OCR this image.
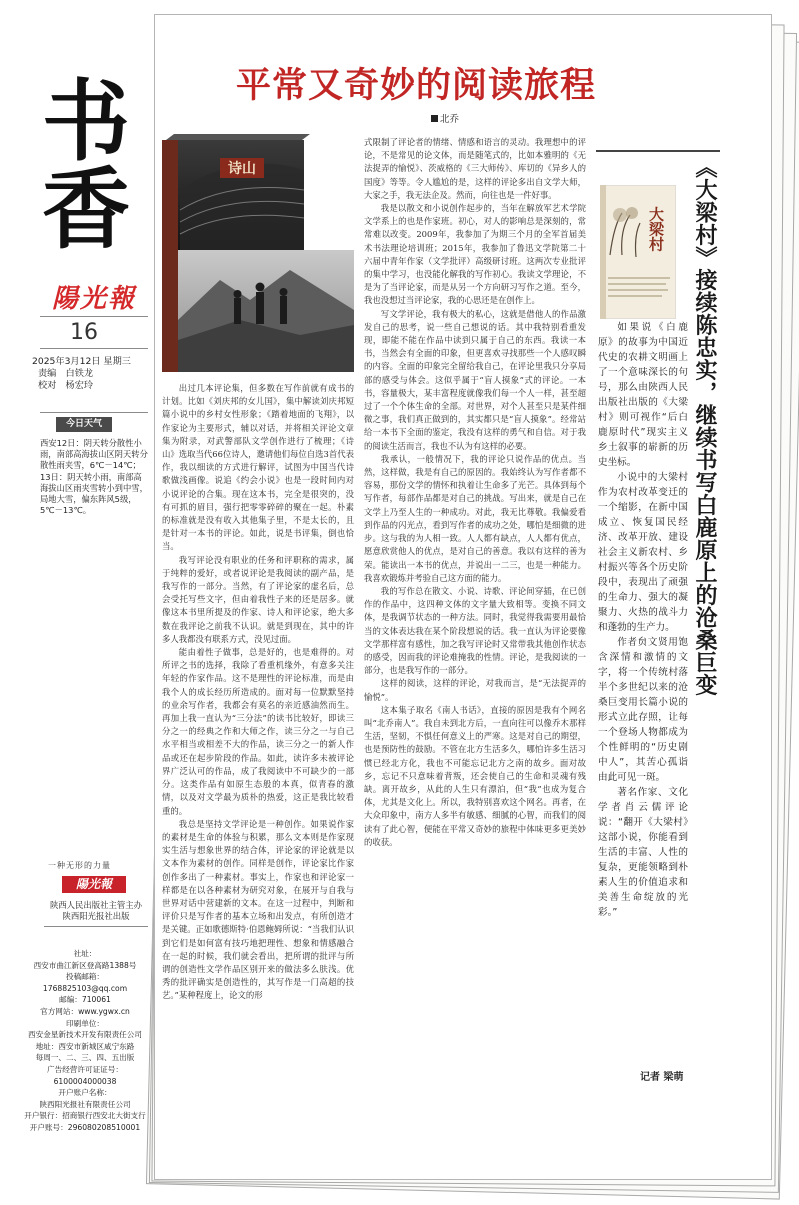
书
香
陽光報
16
2025年3月12日 星期三
责编　白铁龙
校对　杨宏玲
今日天气
西安12日：阴天转分散性小雨，南部高海拔山区阴天转分散性雨夹雪，6℃－14℃；13日：阴天转小雨，南部高海拔山区雨夹雪转小到中雪，局地大雪，偏东阵风5级，5℃－13℃。
一种无形的力量
陽光報
陕西人民出版社主管主办
陕西阳光报社出版
社址：
西安市曲江新区登高路1388号
投稿邮箱：
1768825103@qq.com
邮编：710061
官方网站：www.ygwx.cn
印刷单位：
西安金星新技术开发有限责任公司
地址：西安市新城区咸宁东路
每周一、二、三、四、五出版
广告经营许可证证号：
6100004000038
开户账户名称：
陕西阳光报社有限责任公司
开户银行：招商银行西安北大街支行
开户账号：296080208510001
平常又奇妙的阅读旅程
北乔
诗山

出过几本评论集，但多数在写作前就有成书的计划。比如《刘庆邦的女儿国》，集中解读刘庆邦短篇小说中的乡村女性形象；《踏着地面的飞翔》，以作家论为主要形式，辅以对话，并将相关评论文章集为附录，对武警部队文学创作进行了梳理；《诗山》选取当代66位诗人，邀请他们每位自选3首代表作，我以细读的方式进行解评，试图为中国当代诗歌做浅画像。说追《约会小说》也是一段时间内对小说评论的合集。现在这本书，完全是很突的，没有可抓的眉目，强行把零零碎碎的聚在一起。朴素的标准就是没有收入其他集子里，不是太长的，且是针对一本书的评论。如此，说是书评集，倒也恰当。

我写评论没有职业的任务和评职称的需求，属于纯粹的爱好，或者说评论是我阅读的副产品，是我写作的一部分。当然，有了评论家的虚名后，总会受托写些文字，但由着我性子来的还是居多。就像这本书里所提及的作家、诗人和评论家，绝大多数在我评论之前我不认识。就是到现在，其中的许多人我都没有联系方式，没见过面。

能由着性子做事，总是好的，也是难得的。对所评之书的选择，我除了看重机缘外，有意多关注年轻的作家作品。这不是理性的评论标准，而是由我个人的成长经历所造成的。面对每一位默默坚持的业余写作者，我都会有莫名的亲近感油然而生。再加上我一直认为“三分法”的读书比较好，即读三分之一的经典之作和大师之作，读三分之一与自己水平相当或相差不大的作品，读三分之一的新人作品或还在起步阶段的作品。如此，读许多未被评论界广泛认可的作品，成了我阅读中不可缺少的一部分。这类作品有如原生态般的本真，似青春的激情，以及对文学最为质朴的热爱，这正是我比较看重的。

我总是坚持文学评论是一种创作。如果说作家的素材是生命的体验与积累，那么文本则是作家现实生活与想象世界的结合体，评论家的评论就是以文本作为素材的创作。同样是创作，评论家比作家创作多出了一种素材。事实上，作家也和评论家一样都是在以各种素材为研究对象，在展开与自我与世界对话中营建新的文本。在这一过程中，判断和评价只是写作者的基本立场和出发点，有所创造才是关键。正如歌德斯特·伯恩鲍姆所说：“当我们认识到它们是如何富有技巧地把理性、想象和情感融合在一起的时候，我们就会看出，把所谓的批评与所谓的创造性文学作品区别开来的做法多么肤浅。优秀的批评确实是创造性的，其写作是一门高超的技艺。”某种程度上，论文的形

式限制了评论者的情绪、情感和语言的灵动。我理想中的评论，不是常见的论文体，而是随笔式的，比如本雅明的《无法捉弄的愉悦》、茨威格的《三大师传》、库切的《异乡人的国度》等等。令人尴尬的是，这样的评论多出自文学大师，大家之手，我无法企及。然而，向往也是一件好事。

我是以散文和小说创作起步的，当年在解放军艺术学院文学系上的也是作家班。初心，对人的影响总是深刻的，常常难以改变。2009年，我参加了为期三个月的全军首届美术书法理论培训班；2015年，我参加了鲁迅文学院第二十六届中青年作家（文学批评）高级研讨班。这两次专业批评的集中学习，也没能化解我的写作初心。我读文学理论，不是为了当评论家，而是从另一个方向研习写作之道。至今，我也没想过当评论家，我的心思还是在创作上。

写文学评论，我有极大的私心，这就是借他人的作品激发自己的思考，说一些自己想说的话。其中我特别看重发现，即能不能在作品中读到只属于自己的东西。我读一本书，当然会有全面的印象，但更喜欢寻找那些一个人感叹瞬的内容。全面的印象完全留给我自己，在评论里我只分享局部的感受与体会。这似乎属于“盲人摸象”式的评论。一本书，容量极大，某丰富程度就像我们每一个人一样，甚至超过了一个个体生命的全部。对世界，对个人甚至只是某件细微之事，我们真正做到的，其实都只是“盲人摸象”。经常站给一本书下全面的鉴定，我没有这样的勇气和自信。对于我的阅读生活而言，我也不认为有这样的必要。

我承认，一般情况下，我的评论只说作品的优点。当然，这样做，我是有自己的原因的。我始终认为写作者都不容易，那份文学的情怀和执着让生命多了光芒。具体到每个写作者，每部作品都是对自己的挑战。写出来，就是自己在文学上乃至人生的一种成功。对此，我无比尊敬。我偏爱看到作品的闪光点，看到写作者的成功之处，哪怕是细微的进步。这与我的为人相一致。人人都有缺点，人人都有优点，愿意欣赏他人的优点，是对自己的善意。我以有这样的善为荣。能读出一本书的优点，并说出一二三，也是一种能力。我喜欢锻炼并考验自己这方面的能力。

我的写作总在散文、小说、诗歌、评论间穿插，在已创作的作品中，这四种文体的文字量大致相等。变换不同文体，是我调节状态的一种方法。同时，我觉得我需要用最恰当的文体表达我在某个阶段想说的话。我一直认为评论要像文学那样富有感性，加之我写评论时又常带我其他创作状态的感受，因而我的评论难掩我的性情。评论，是我阅读的一部分，也是我写作的一部分。

这样的阅读，这样的评论，对我而言，是“无法捉弄的愉悦”。

这本集子取名《南人书话》，直接的原因是我有个网名叫“北乔南人”。我自未到北方后，一直向往可以像乔木那样生活，坚韧，不惧任何意义上的严寒。这是对自己的期望，也是预防性的鼓励。不管在北方生活多久，哪怕许多生活习惯已经北方化，我也不可能忘记北方之南的故乡。面对故乡，忘记不只意味着背叛，还会使自己的生命和灵魂有残缺。离开故乡，从此的人生只有漂泊，但“我”也成为复合体，尤其是文化上。所以，我特别喜欢这个网名。再者，在大众印象中，南方人多半有敏感、细腻的心智，而我们的阅读有了此心智，便能在平常又奇妙的旅程中体味更多更美妙的收获。

大梁村 《大梁村》接续陈忠实，继续书写白鹿原上的沧桑巨变

如果说《白鹿原》的故事为中国近代史的农耕文明画上了一个意味深长的句号，那么由陕西人民出版社出版的《大梁村》则可视作“后白鹿原时代”现实主义乡土叙事的崭新的历史坐标。

小说中的大梁村作为农村改革变迁的一个缩影，在新中国成立、恢复国民经济、改革开放、建设社会主义新农村、乡村振兴等各个历史阶段中，表现出了顽强的生命力、强大的凝聚力、火热的战斗力和蓬勃的生产力。

作者贠文贤用饱含深情和激情的文字，将一个传统村落半个多世纪以来的沧桑巨变用长篇小说的形式立此存照，让每一个登场人物都成为个性鲜明的“历史剧中人”，其苦心孤诣由此可见一斑。

著名作家、文化学者肖云儒评论说：“翻开《大梁村》这部小说，你能看到生活的丰富、人性的复杂，更能领略到朴素人生的价值追求和美善生命绽放的光彩。”

记者 梁萌
